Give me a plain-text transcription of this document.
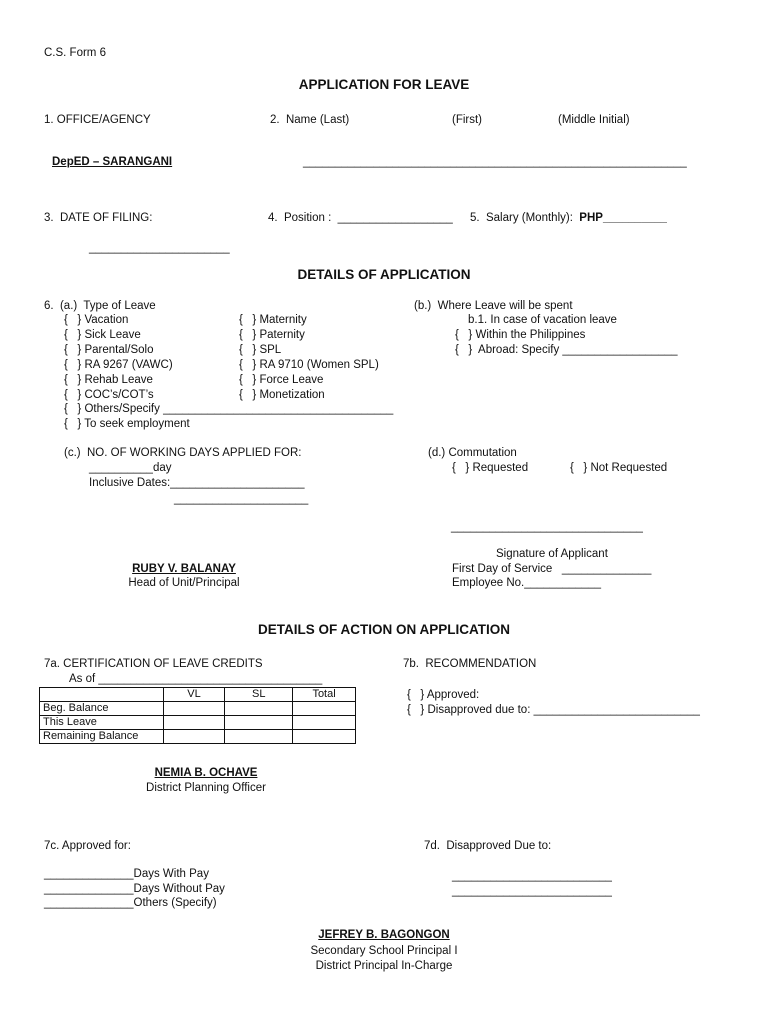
C.S. Form 6
APPLICATION FOR LEAVE
1. OFFICE/AGENCY	2.  Name (Last)	(First)	(Middle Initial)
DepED – SARANGANI	____________________________________________________________
3.  DATE OF FILING:	4.  Position :  __________________ 5.  Salary (Monthly):  PHP__________
______________________
DETAILS OF APPLICATION
6.  (a.)  Type of Leave
{   } Vacation
{   } Sick Leave
{   } Parental/Solo
{   } RA 9267 (VAWC)
{   } Rehab Leave
{   } COC’s/COT’s
{   } Others/Specify ____________________________________
{   } To seek employment
{   } Maternity
{   } Paternity
{   } SPL
{   } RA 9710 (Women SPL)
{   } Force Leave
{   } Monetization
(b.)  Where Leave will be spent
b.1. In case of vacation leave
{   } Within the Philippines
{   }  Abroad: Specify __________________
(c.)  NO. OF WORKING DAYS APPLIED FOR:
__________day
Inclusive Dates:_____________________
_____________________
(d.) Commutation
{   } Requested	{   } Not Requested
______________________________
Signature of Applicant
First Day of Service   ______________
Employee No.____________
RUBY V. BALANAY
Head of Unit/Principal
DETAILS OF ACTION ON APPLICATION
7a. CERTIFICATION OF LEAVE CREDITS
As of ___________________________________
	VL	SL	Total
Beg. Balance			
This Leave			
Remaining Balance			
NEMIA B. OCHAVE
District Planning Officer
7b.  RECOMMENDATION
{   } Approved:
{   } Disapproved due to: __________________________
7c. Approved for:
______________Days With Pay
______________Days Without Pay
______________Others (Specify)
7d.  Disapproved Due to:
_________________________
_________________________
JEFREY B. BAGONGON
Secondary School Principal I
District Principal In-Charge
